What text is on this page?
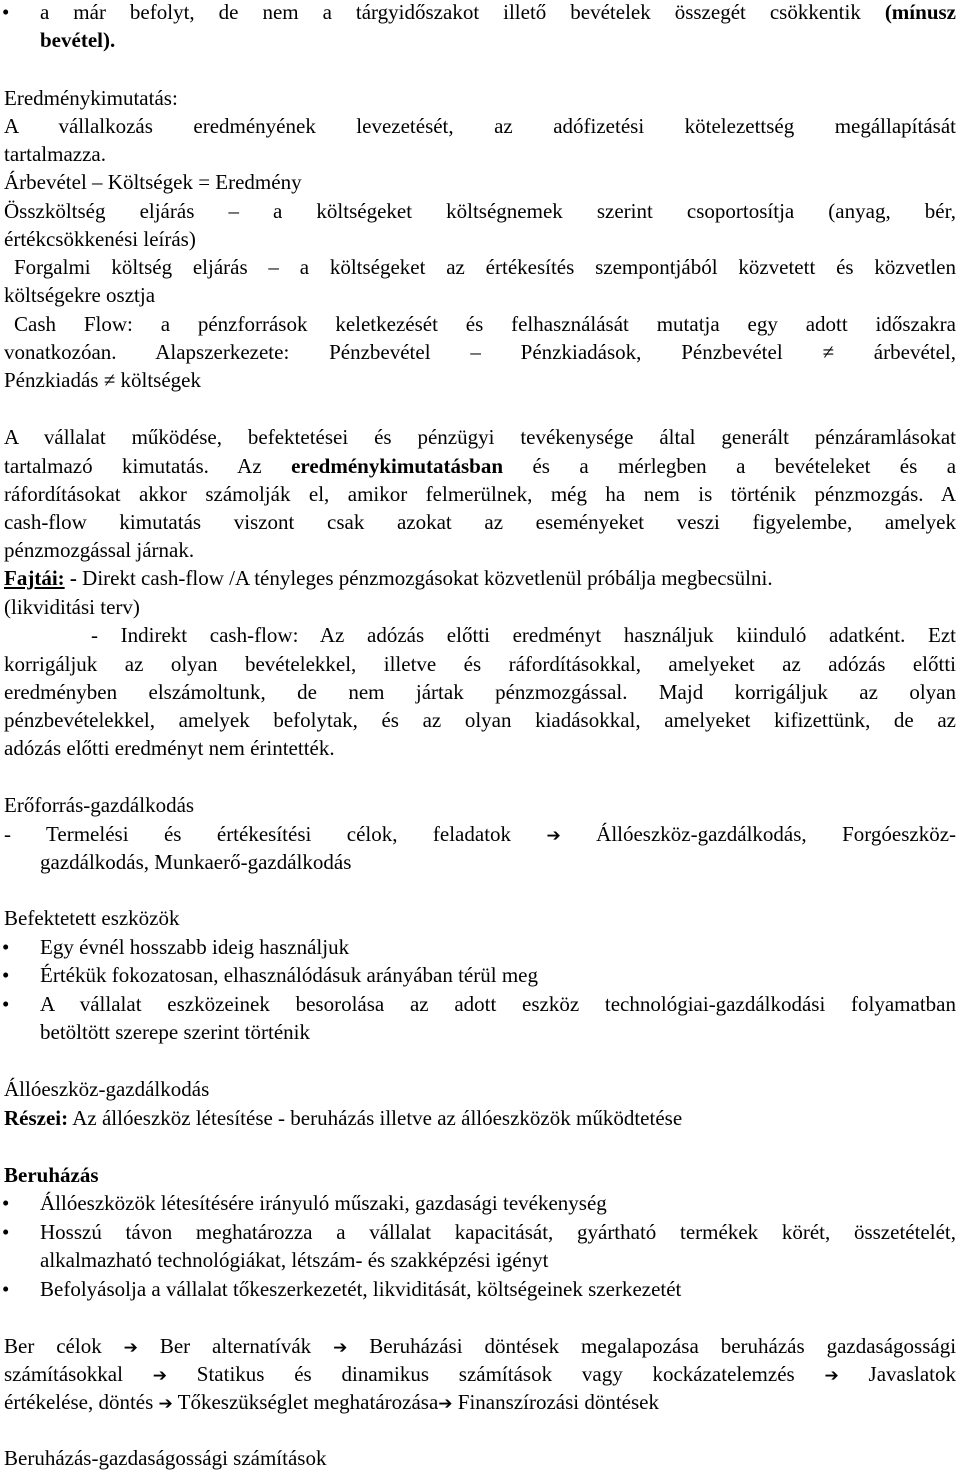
• a már befolyt, de nem a tárgyidőszakot illető bevételek összegét csökkentik (mínusz
bevétel).
Eredménykimutatás:
A vállalkozás eredményének levezetését, az adófizetési kötelezettség megállapítását
tartalmazza.
Árbevétel – Költségek = Eredmény
Összköltség eljárás – a költségeket költségnemek szerint csoportosítja (anyag, bér,
értékcsökkenési leírás)
Forgalmi költség eljárás – a költségeket az értékesítés szempontjából közvetett és közvetlen
költségekre osztja
Cash Flow: a pénzforrások keletkezését és felhasználását mutatja egy adott időszakra
vonatkozóan. Alapszerkezete: Pénzbevétel – Pénzkiadások, Pénzbevétel ≠ árbevétel,
Pénzkiadás ≠ költségek
A vállalat működése, befektetései és pénzügyi tevékenysége által generált pénzáramlásokat
tartalmazó kimutatás. Az eredménykimutatásban és a mérlegben a bevételeket és a
ráfordításokat akkor számolják el, amikor felmerülnek, még ha nem is történik pénzmozgás. A
cash-flow kimutatás viszont csak azokat az eseményeket veszi figyelembe, amelyek
pénzmozgással járnak.
Fajtái: - Direkt cash-flow /A tényleges pénzmozgásokat közvetlenül próbálja megbecsülni.
(likviditási terv)
- Indirekt cash-flow: Az adózás előtti eredményt használjuk kiinduló adatként. Ezt
korrigáljuk az olyan bevételekkel, illetve és ráfordításokkal, amelyeket az adózás előtti
eredményben elszámoltunk, de nem jártak pénzmozgással. Majd korrigáljuk az olyan
pénzbevételekkel, amelyek befolytak, és az olyan kiadásokkal, amelyeket kifizettünk, de az
adózás előtti eredményt nem érintették.
Erőforrás-gazdálkodás
- Termelési és értékesítési célok, feladatok ➔ Állóeszköz-gazdálkodás, Forgóeszköz-
gazdálkodás, Munkaerő-gazdálkodás
Befektetett eszközök
• Egy évnél hosszabb ideig használjuk
• Értékük fokozatosan, elhasználódásuk arányában térül meg
• A vállalat eszközeinek besorolása az adott eszköz technológiai-gazdálkodási folyamatban
betöltött szerepe szerint történik
Állóeszköz-gazdálkodás
Részei: Az állóeszköz létesítése - beruházás illetve az állóeszközök működtetése
Beruházás
• Állóeszközök létesítésére irányuló műszaki, gazdasági tevékenység
• Hosszú távon meghatározza a vállalat kapacitását, gyártható termékek körét, összetételét,
alkalmazható technológiákat, létszám- és szakképzési igényt
• Befolyásolja a vállalat tőkeszerkezetét, likviditását, költségeinek szerkezetét
Ber célok ➔ Ber alternatívák ➔ Beruházási döntések megalapozása beruházás gazdaságossági
számításokkal ➔ Statikus és dinamikus számítások vagy kockázatelemzés ➔ Javaslatok
értékelése, döntés ➔ Tőkeszükséglet meghatározása➔ Finanszírozási döntések
Beruházás-gazdaságossági számítások
